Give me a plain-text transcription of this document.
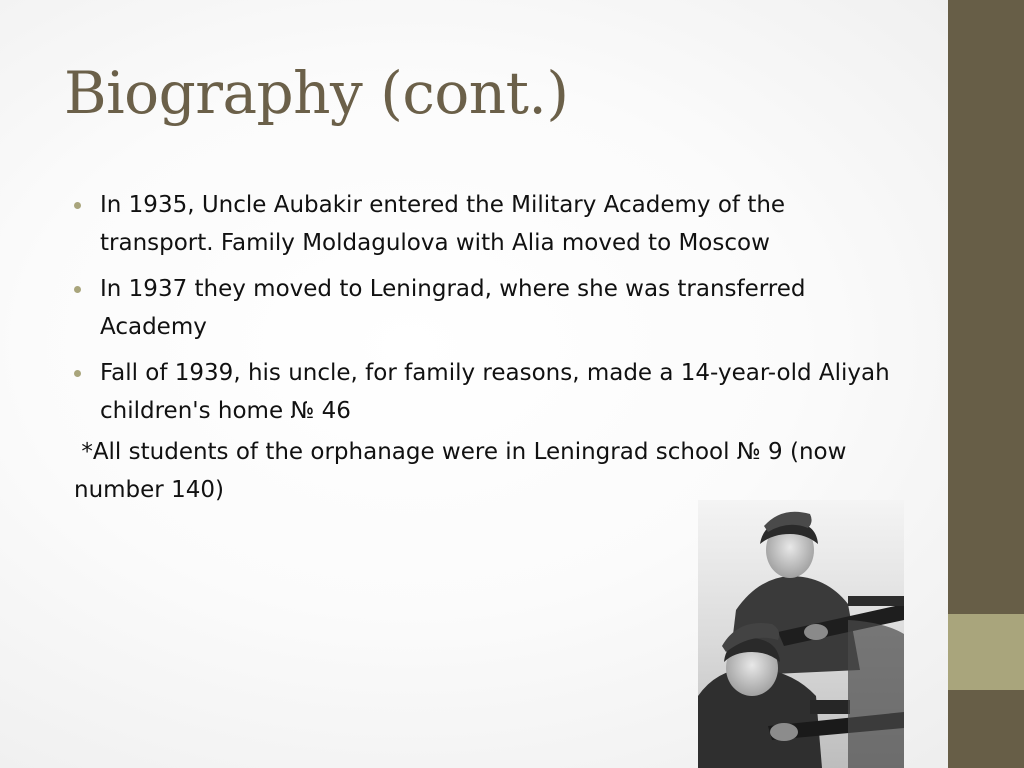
Biography (cont.)
In 1935, Uncle Aubakir entered the Military Academy of the transport. Family Moldagulova with Alia moved to Moscow
In 1937 they moved to Leningrad, where she was transferred Academy
Fall of 1939, his uncle, for family reasons, made a 14-year-old Aliyah children's home № 46

*All students of the orphanage were in Leningrad school № 9 (now number 140)
